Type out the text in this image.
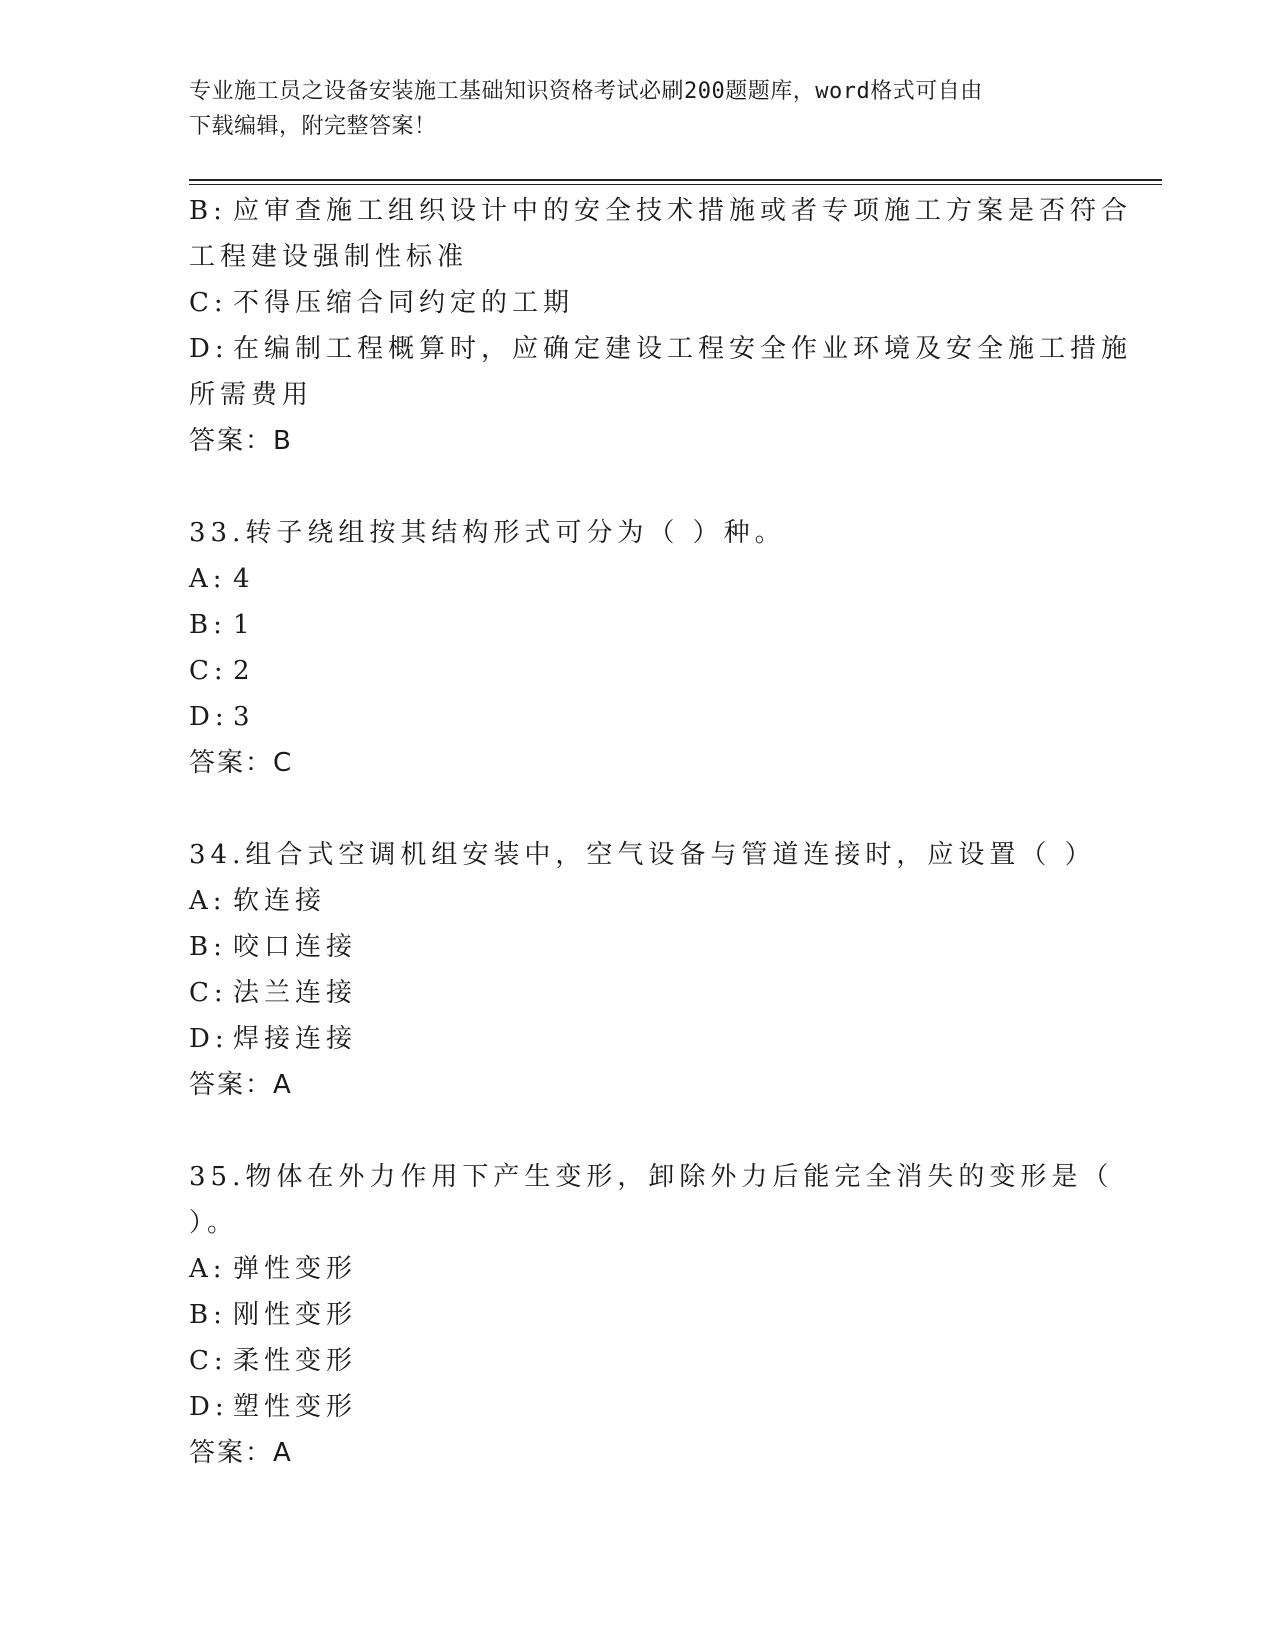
专业施工员之设备安装施工基础知识资格考试必刷200题题库，word格式可自由
下载编辑，附完整答案！
B: 应审查施工组织设计中的安全技术措施或者专项施工方案是否符合
工程建设强制性标准
C: 不得压缩合同约定的工期
D: 在编制工程概算时，应确定建设工程安全作业环境及安全施工措施
所需费用
答案：B
33.转子绕组按其结构形式可分为（ ）种。
A: 4
B: 1
C: 2
D: 3
答案：C
34.组合式空调机组安装中，空气设备与管道连接时，应设置（ ）
A: 软连接
B: 咬口连接
C: 法兰连接
D: 焊接连接
答案：A
35.物体在外力作用下产生变形，卸除外力后能完全消失的变形是（
）。
A: 弹性变形
B: 刚性变形
C: 柔性变形
D: 塑性变形
答案：A
